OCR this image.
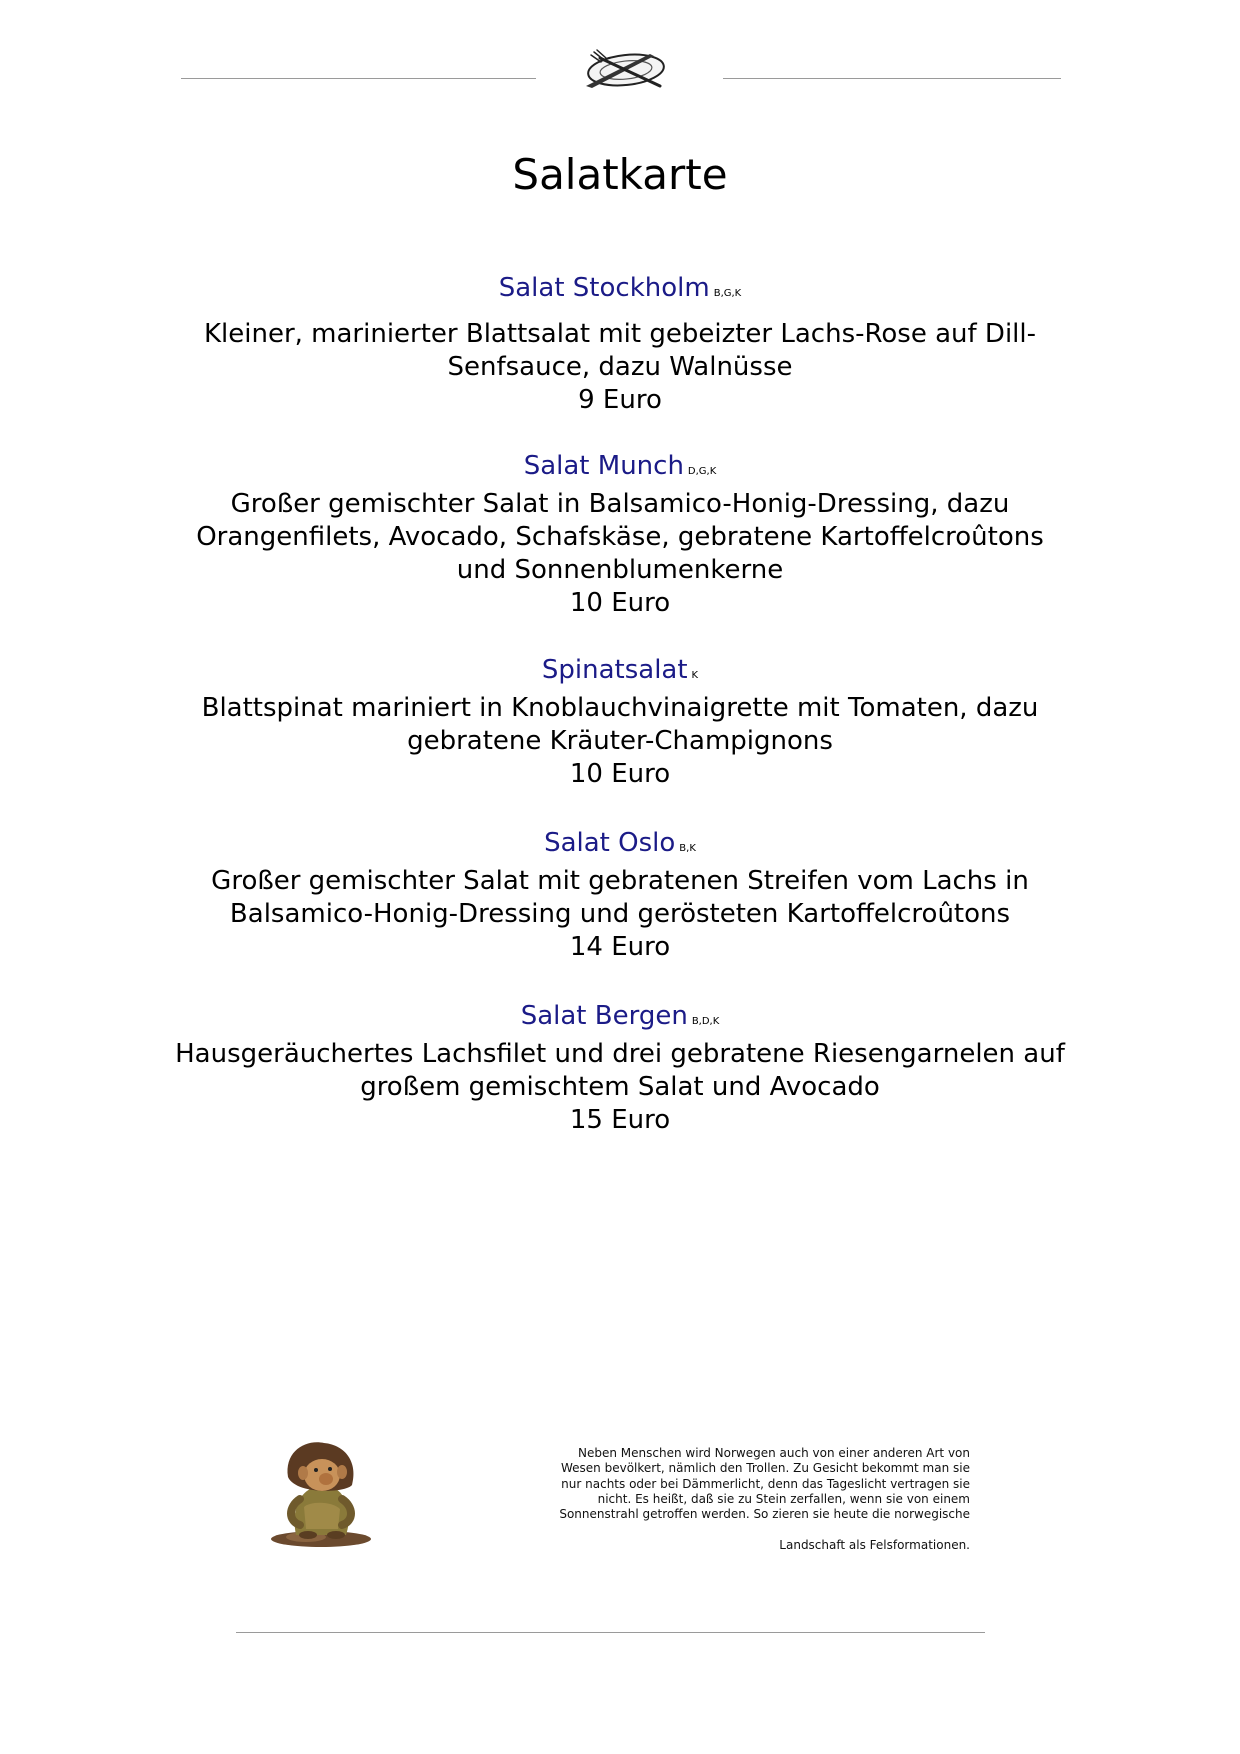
Salatkarte
Salat Stockholm B,G,K
Kleiner, marinierter Blattsalat mit gebeizter Lachs-Rose auf Dill-
Senfsauce, dazu Walnüsse
9 Euro
Salat Munch D,G,K
Großer gemischter Salat in Balsamico-Honig-Dressing, dazu
Orangenfilets, Avocado, Schafskäse, gebratene Kartoffelcroûtons
und Sonnenblumenkerne
10 Euro
Spinatsalat K
Blattspinat mariniert in Knoblauchvinaigrette mit Tomaten, dazu
gebratene Kräuter-Champignons
10 Euro
Salat Oslo B,K
Großer gemischter Salat mit gebratenen Streifen vom Lachs in
Balsamico-Honig-Dressing und gerösteten Kartoffelcroûtons
14 Euro
Salat Bergen B,D,K
Hausgeräuchertes Lachsfilet und drei gebratene Riesengarnelen auf
großem gemischtem Salat und Avocado
15 Euro
Neben Menschen wird Norwegen auch von einer anderen Art von
Wesen bevölkert, nämlich den Trollen. Zu Gesicht bekommt man sie
nur nachts oder bei Dämmerlicht, denn das Tageslicht vertragen sie
nicht. Es heißt, daß sie zu Stein zerfallen, wenn sie von einem
Sonnenstrahl getroffen werden. So zieren sie heute die norwegische
Landschaft als Felsformationen.
